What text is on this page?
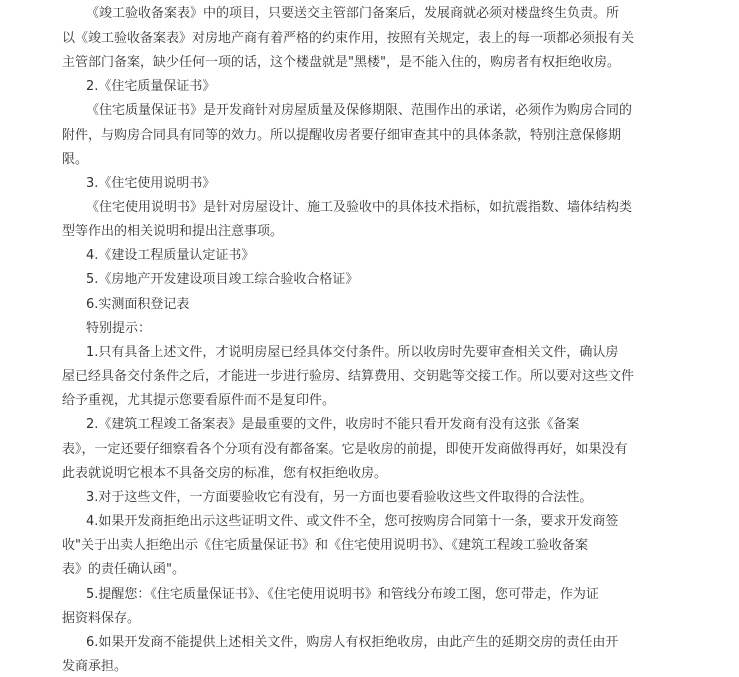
《竣工验收备案表》中的项目，只要送交主管部门备案后，发展商就必须对楼盘终生负责。所
以《竣工验收备案表》对房地产商有着严格的约束作用，按照有关规定，表上的每一项都必须报有关
主管部门备案，缺少任何一项的话，这个楼盘就是"黑楼"，是不能入住的，购房者有权拒绝收房。
2.《住宅质量保证书》
《住宅质量保证书》是开发商针对房屋质量及保修期限、范围作出的承诺，必须作为购房合同的
附件，与购房合同具有同等的效力。所以提醒收房者要仔细审查其中的具体条款，特别注意保修期
限。
3.《住宅使用说明书》
《住宅使用说明书》是针对房屋设计、施工及验收中的具体技术指标，如抗震指数、墙体结构类
型等作出的相关说明和提出注意事项。
4.《建设工程质量认定证书》
5.《房地产开发建设项目竣工综合验收合格证》
6.实测面积登记表
特别提示：
1.只有具备上述文件，才说明房屋已经具体交付条件。所以收房时先要审查相关文件，确认房
屋已经具备交付条件之后，才能进一步进行验房、结算费用、交钥匙等交接工作。所以要对这些文件
给予重视，尤其提示您要看原件而不是复印件。
2.《建筑工程竣工备案表》是最重要的文件，收房时不能只看开发商有没有这张《备案
表》，一定还要仔细察看各个分项有没有都备案。它是收房的前提，即使开发商做得再好，如果没有
此表就说明它根本不具备交房的标准，您有权拒绝收房。
3.对于这些文件，一方面要验收它有没有，另一方面也要看验收这些文件取得的合法性。
4.如果开发商拒绝出示这些证明文件、或文件不全，您可按购房合同第十一条，要求开发商签
收"关于出卖人拒绝出示《住宅质量保证书》和《住宅使用说明书》、《建筑工程竣工验收备案
表》的责任确认函"。
5.提醒您：《住宅质量保证书》、《住宅使用说明书》和管线分布竣工图，您可带走，作为证
据资料保存。
6.如果开发商不能提供上述相关文件，购房人有权拒绝收房，由此产生的延期交房的责任由开
发商承担。
